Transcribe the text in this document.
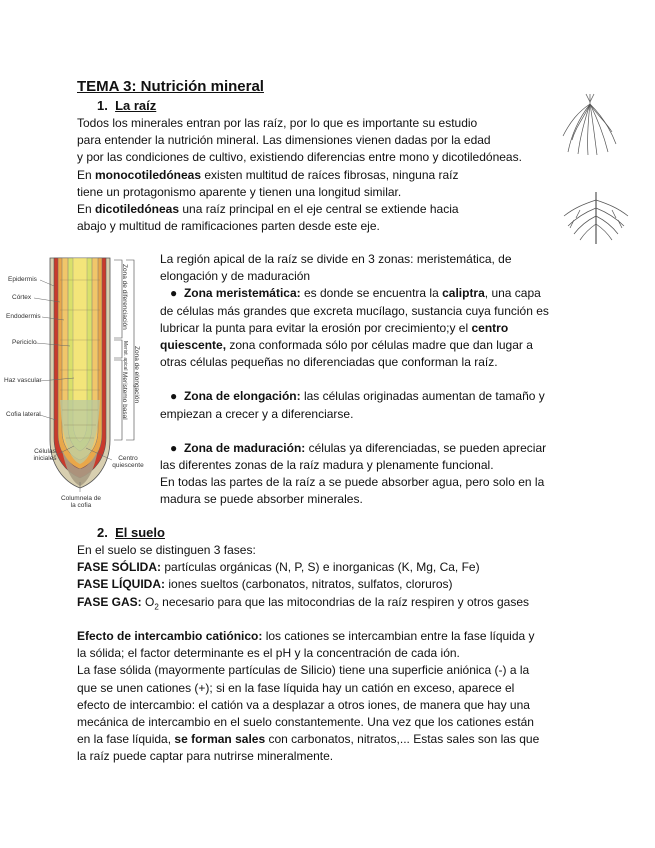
TEMA 3: Nutrición mineral
1. La raíz
Todos los minerales entran por las raíz, por lo que es importante su estudio
para entender la nutrición mineral. Las dimensiones vienen dadas por la edad
y por las condiciones de cultivo, existiendo diferencias entre mono y dicotiledóneas.
En monocotiledóneas existen multitud de raíces fibrosas, ninguna raíz
tiene un protagonismo aparente y tienen una longitud similar.
En dicotiledóneas una raíz principal en el eje central se extiende hacia
abajo y multitud de ramificaciones parten desde este eje.
Epidermis
Córtex
Endodermis
Periciclo
Haz vascular
Cofia lateral
Células iniciales	Centro quiescente
Columnela de la cofia
Zona de diferenciación
Merist. apical
Meristemo basal Zona de elongación
La región apical de la raíz se divide en 3 zonas: meristemática, de
elongación y de maduración
● Zona meristemática: es donde se encuentra la caliptra, una capa
de células más grandes que excreta mucílago, sustancia cuya función es
lubricar la punta para evitar la erosión por crecimiento;y el centro
quiescente, zona conformada sólo por células madre que dan lugar a
otras células pequeñas no diferenciadas que conforman la raíz.
● Zona de elongación: las células originadas aumentan de tamaño y
empiezan a crecer y a diferenciarse.
● Zona de maduración: células ya diferenciadas, se pueden apreciar
las diferentes zonas de la raíz madura y plenamente funcional.
En todas las partes de la raíz a se puede absorber agua, pero solo en la
madura se puede absorber minerales.
2. El suelo
En el suelo se distinguen 3 fases:
FASE SÓLIDA: partículas orgánicas (N, P, S) e inorganicas (K, Mg, Ca, Fe)
FASE LÍQUIDA: iones sueltos (carbonatos, nitratos, sulfatos, cloruros)
FASE GAS: $O_2$ necesario para que las mitocondrias de la raíz respiren y otros gases
Efecto de intercambio catiónico: los cationes se intercambian entre la fase líquida y
la sólida; el factor determinante es el pH y la concentración de cada ión.
La fase sólida (mayormente partículas de Silicio) tiene una superficie aniónica (-) a la
que se unen cationes (+); si en la fase líquida hay un catión en exceso, aparece el
efecto de intercambio: el catión va a desplazar a otros iones, de manera que hay una
mecánica de intercambio en el suelo constantemente. Una vez que los cationes están
en la fase líquida, se forman sales con carbonatos, nitratos,... Estas sales son las que
la raíz puede captar para nutrirse mineralmente.
